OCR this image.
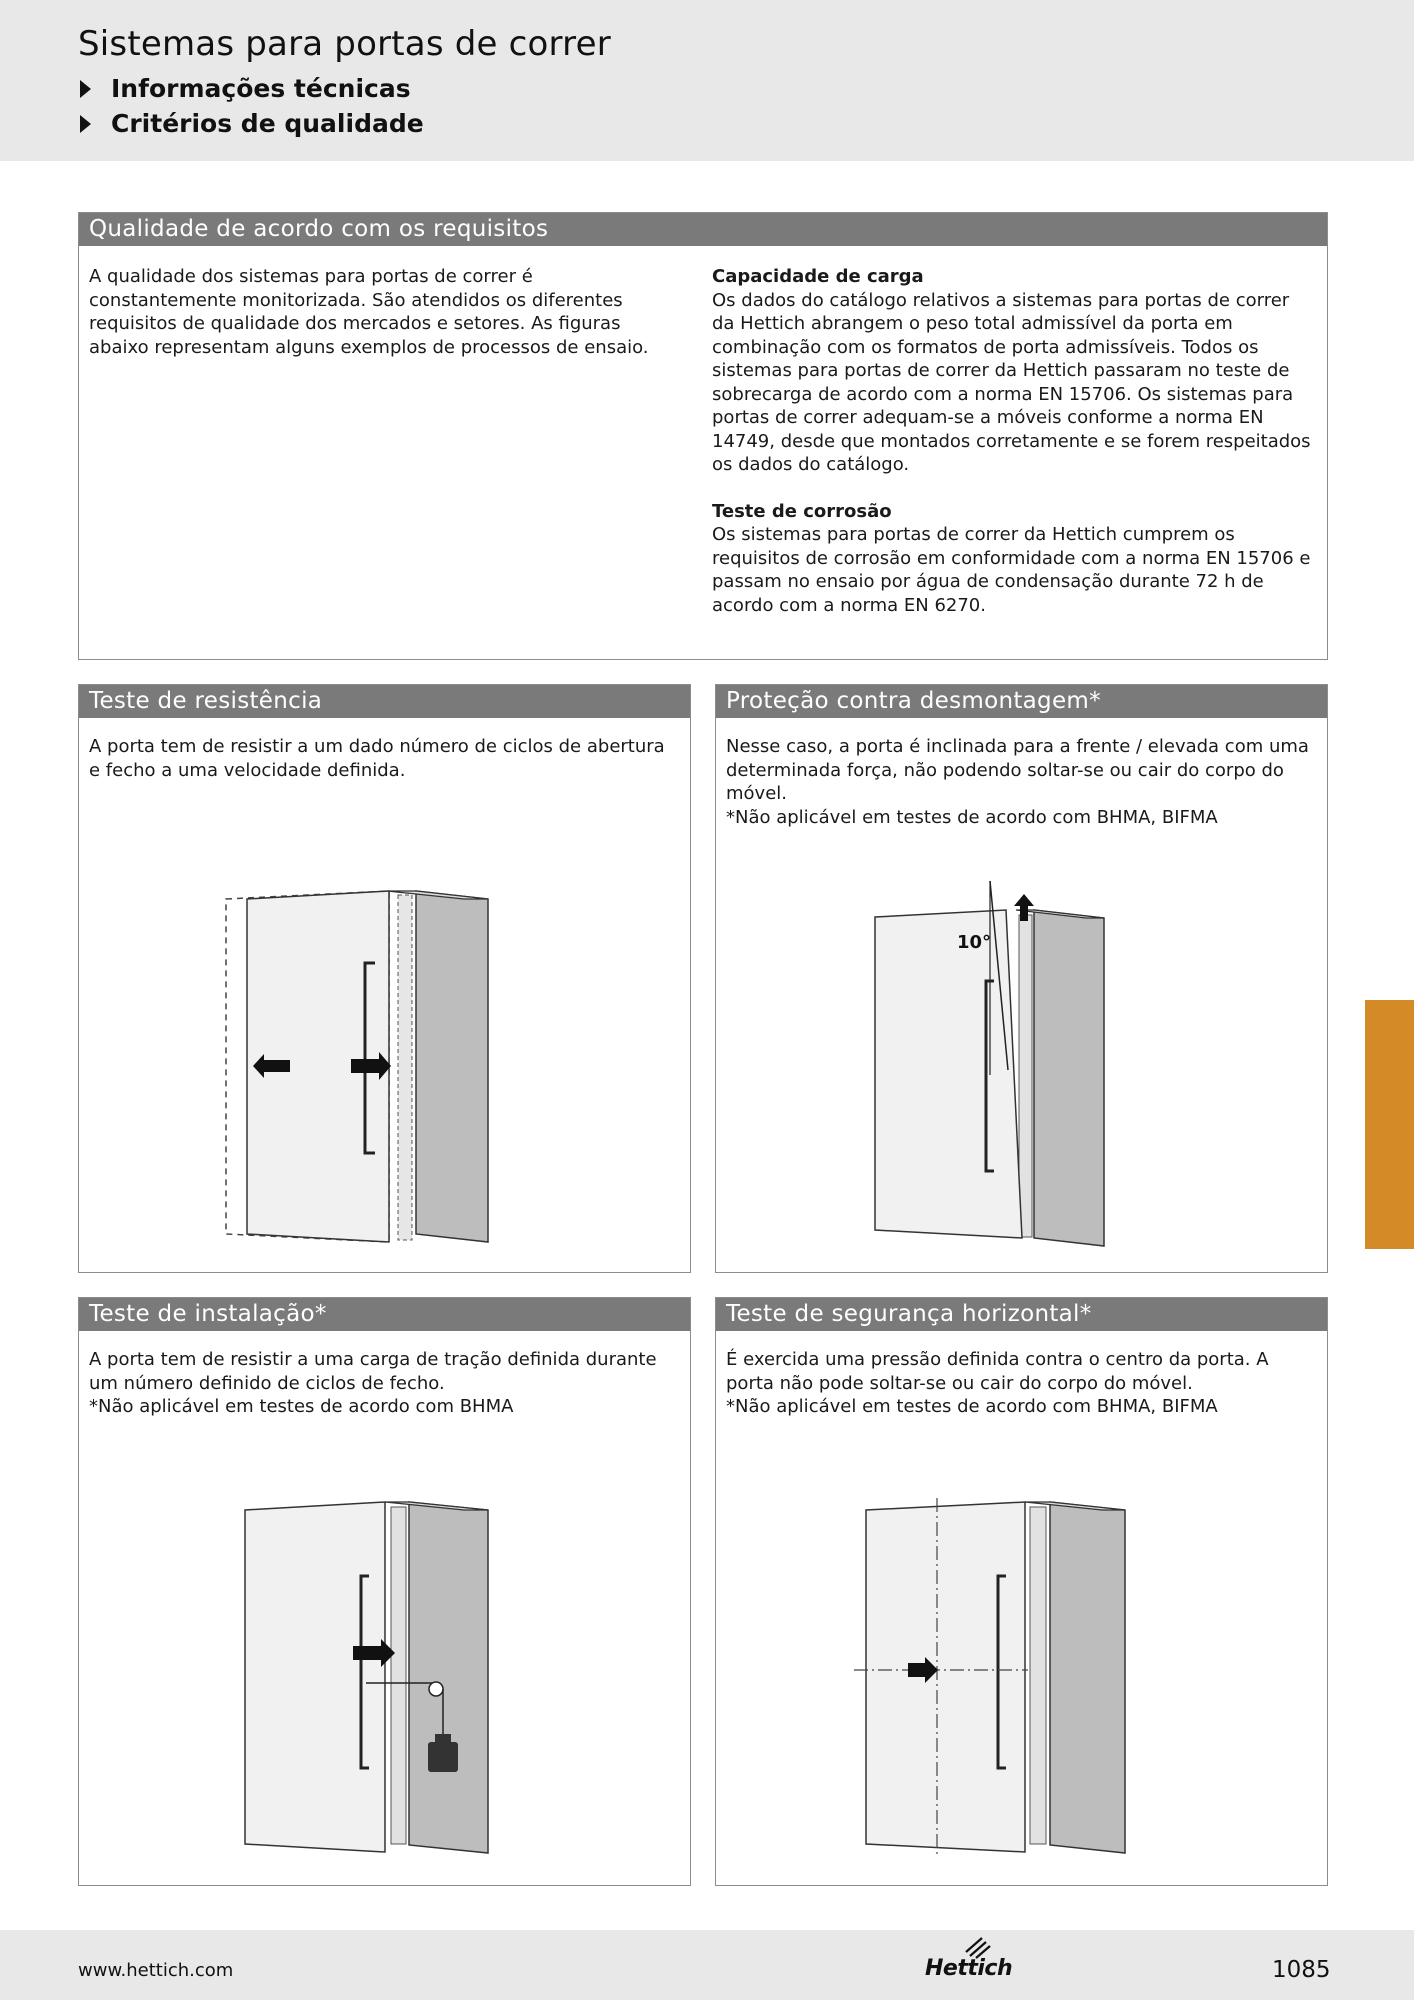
Sistemas para portas de correr
Informações técnicas
Critérios de qualidade
Qualidade de acordo com os requisitos

A qualidade dos sistemas para portas de correr é constantemente monitorizada. São atendidos os diferentes requisitos de qualidade dos mercados e setores. As figuras abaixo representam alguns exemplos de processos de ensaio.

Capacidade de carga

Os dados do catálogo relativos a sistemas para portas de correr da Hettich abrangem o peso total admissível da porta em combinação com os formatos de porta admissíveis. Todos os sistemas para portas de correr da Hettich passaram no teste de sobrecarga de acordo com a norma EN 15706. Os sistemas para portas de correr adequam-se a móveis conforme a norma EN 14749, desde que montados corretamente e se forem respeitados os dados do catálogo.

Teste de corrosão

Os sistemas para portas de correr da Hettich cumprem os requisitos de corrosão em conformidade com a norma EN 15706 e passam no ensaio por água de condensação durante 72 h de acordo com a norma EN 6270.

Teste de resistência

A porta tem de resistir a um dado número de ciclos de abertura e fecho a uma velocidade definida.

Proteção contra desmontagem*

Nesse caso, a porta é inclinada para a frente / elevada com uma determinada força, não podendo soltar-se ou cair do corpo do móvel.

*Não aplicável em testes de acordo com BHMA, BIFMA

10°
Teste de instalação*

A porta tem de resistir a uma carga de tração definida durante um número definido de ciclos de fecho.

*Não aplicável em testes de acordo com BHMA

Teste de segurança horizontal*

É exercida uma pressão definida contra o centro da porta. A porta não pode soltar-se ou cair do corpo do móvel.

*Não aplicável em testes de acordo com BHMA, BIFMA

www.hettich.com	Hettich	1085
